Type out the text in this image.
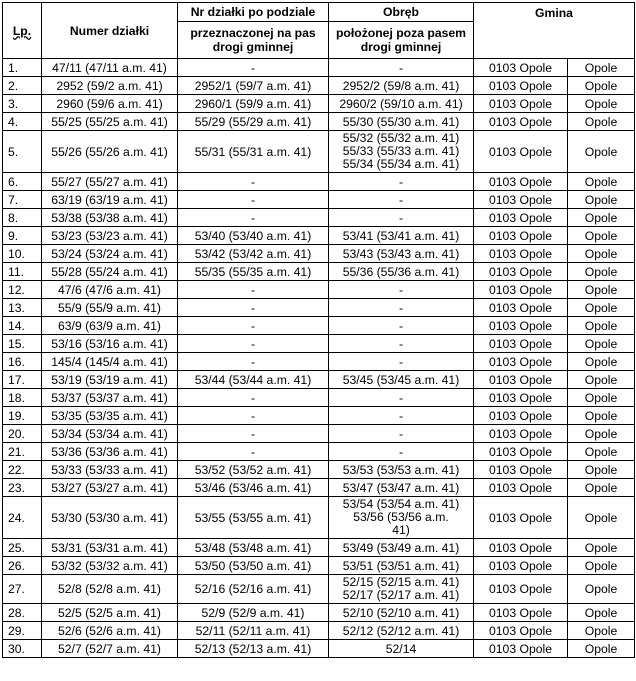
Lp.	Numer działki	Nr działki po podziale	Obręb	Gmina	
		przeznaczonej na pas drogi gminnej	położonej poza pasem drogi gminnej		
1.	47/11 (47/11 a.m. 41)	-	-	0103 Opole	Opole
2.	2952 (59/2 a.m. 41)	2952/1 (59/7 a.m. 41)	2952/2 (59/8 a.m. 41)	0103 Opole	Opole
3.	2960 (59/6 a.m. 41)	2960/1 (59/9 a.m. 41)	2960/2 (59/10 a.m. 41)	0103 Opole	Opole
4.	55/25 (55/25 a.m. 41)	55/29 (55/29 a.m. 41)	55/30 (55/30 a.m. 41)	0103 Opole	Opole
5.	55/26 (55/26 a.m. 41)	55/31 (55/31 a.m. 41)	55/32 (55/32 a.m. 41)
55/33 (55/33 a.m. 41)
55/34 (55/34 a.m. 41)	0103 Opole	Opole
6.	55/27 (55/27 a.m. 41)	-	-	0103 Opole	Opole
7.	63/19 (63/19 a.m. 41)	-	-	0103 Opole	Opole
8.	53/38 (53/38 a.m. 41)	-	-	0103 Opole	Opole
9.	53/23 (53/23 a.m. 41)	53/40 (53/40 a.m. 41)	53/41 (53/41 a.m. 41)	0103 Opole	Opole
10.	53/24 (53/24 a.m. 41)	53/42 (53/42 a.m. 41)	53/43 (53/43 a.m. 41)	0103 Opole	Opole
11.	55/28 (55/24 a.m. 41)	55/35 (55/35 a.m. 41)	55/36 (55/36 a.m. 41)	0103 Opole	Opole
12.	47/6 (47/6 a.m. 41)	-	-	0103 Opole	Opole
13.	55/9 (55/9 a.m. 41)	-	-	0103 Opole	Opole
14.	63/9 (63/9 a.m. 41)	-	-	0103 Opole	Opole
15.	53/16 (53/16 a.m. 41)	-	-	0103 Opole	Opole
16.	145/4 (145/4 a.m. 41)	-	-	0103 Opole	Opole
17.	53/19 (53/19 a.m. 41)	53/44 (53/44 a.m. 41)	53/45 (53/45 a.m. 41)	0103 Opole	Opole
18.	53/37 (53/37 a.m. 41)	-	-	0103 Opole	Opole
19.	53/35 (53/35 a.m. 41)	-	-	0103 Opole	Opole
20.	53/34 (53/34 a.m. 41)	-	-	0103 Opole	Opole
21.	53/36 (53/36 a.m. 41)	-	-	0103 Opole	Opole
22.	53/33 (53/33 a.m. 41)	53/52 (53/52 a.m. 41)	53/53 (53/53 a.m. 41)	0103 Opole	Opole
23.	53/27 (53/27 a.m. 41)	53/46 (53/46 a.m. 41)	53/47 (53/47 a.m. 41)	0103 Opole	Opole
24.	53/30 (53/30 a.m. 41)	53/55 (53/55 a.m. 41)	53/54 (53/54 a.m. 41)
53/56 (53/56 a.m.
41)	0103 Opole	Opole
25.	53/31 (53/31 a.m. 41)	53/48 (53/48 a.m. 41)	53/49 (53/49 a.m. 41)	0103 Opole	Opole
26.	53/32 (53/32 a.m. 41)	53/50 (53/50 a.m. 41)	53/51 (53/51 a.m. 41)	0103 Opole	Opole
27.	52/8 (52/8 a.m. 41)	52/16 (52/16 a.m. 41)	52/15 (52/15 a.m. 41)
52/17 (52/17 a.m. 41)	0103 Opole	Opole
28.	52/5 (52/5 a.m. 41)	52/9 (52/9 a.m. 41)	52/10 (52/10 a.m. 41)	0103 Opole	Opole
29.	52/6 (52/6 a.m. 41)	52/11 (52/11 a.m. 41)	52/12 (52/12 a.m. 41)	0103 Opole	Opole
30.	52/7 (52/7 a.m. 41)	52/13 (52/13 a.m. 41)	52/14	0103 Opole	Opole
